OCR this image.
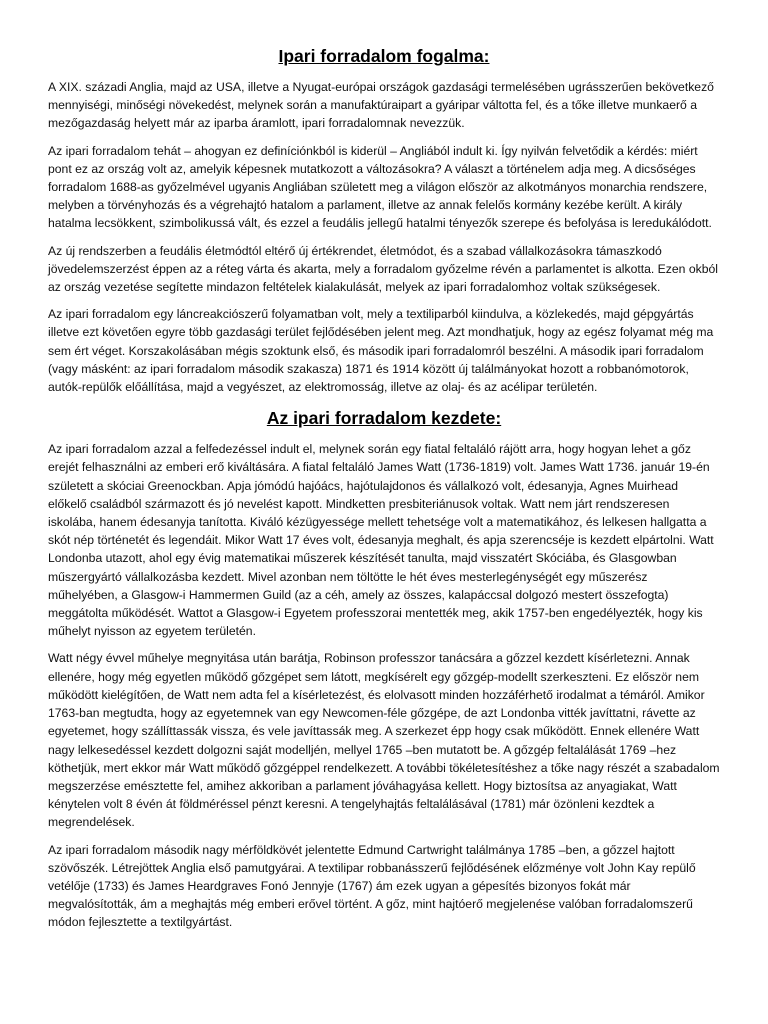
Ipari forradalom fogalma:

A XIX. századi Anglia, majd az USA, illetve a Nyugat-európai országok gazdasági termelésében ugrásszerűen bekövetkező mennyiségi, minőségi növekedést, melynek során a manufaktúraipart a gyáripar váltotta fel, és a tőke illetve munkaerő a mezőgazdaság helyett már az iparba áramlott, ipari forradalomnak nevezzük.

Az ipari forradalom tehát – ahogyan ez definíciónkból is kiderül – Angliából indult ki. Így nyilván felvetődik a kérdés: miért pont ez az ország volt az, amelyik képesnek mutatkozott a változásokra? A választ a történelem adja meg. A dicsőséges forradalom 1688-as győzelmével ugyanis Angliában született meg a világon először az alkotmányos monarchia rendszere, melyben a törvényhozás és a végrehajtó hatalom a parlament, illetve az annak felelős kormány kezébe került. A király hatalma lecsökkent, szimbolikussá vált, és ezzel a feudális jellegű hatalmi tényezők szerepe és befolyása is leredukálódott.

Az új rendszerben a feudális életmódtól eltérő új értékrendet, életmódot, és a szabad vállalkozásokra támaszkodó jövedelemszerzést éppen az a réteg várta és akarta, mely a forradalom győzelme révén a parlamentet is alkotta. Ezen okból az ország vezetése segítette mindazon feltételek kialakulását, melyek az ipari forradalomhoz voltak szükségesek.

Az ipari forradalom egy láncreakciószerű folyamatban volt, mely a textiliparból kiindulva, a közlekedés, majd gépgyártás illetve ezt követően egyre több gazdasági terület fejlődésében jelent meg. Azt mondhatjuk, hogy az egész folyamat még ma sem ért véget. Korszakolásában mégis szoktunk első, és második ipari forradalomról beszélni. A második ipari forradalom (vagy másként: az ipari forradalom második szakasza) 1871 és 1914 között új találmányokat hozott a robbanómotorok, autók-repülők előállítása, majd a vegyészet, az elektromosság, illetve az olaj- és az acélipar területén.

Az ipari forradalom kezdete:

Az ipari forradalom azzal a felfedezéssel indult el, melynek során egy fiatal feltaláló rájött arra, hogy hogyan lehet a gőz erejét felhasználni az emberi erő kiváltására. A fiatal feltaláló James Watt (1736-1819) volt. James Watt 1736. január 19-én született a skóciai Greenockban. Apja jómódú hajóács, hajótulajdonos és vállalkozó volt, édesanyja, Agnes Muirhead előkelő családból származott és jó nevelést kapott. Mindketten presbiteriánusok voltak. Watt nem járt rendszeresen iskolába, hanem édesanyja tanította. Kiváló kézügyessége mellett tehetsége volt a matematikához, és lelkesen hallgatta a skót nép történetét és legendáit. Mikor Watt 17 éves volt, édesanyja meghalt, és apja szerencséje is kezdett elpártolni. Watt Londonba utazott, ahol egy évig matematikai műszerek készítését tanulta, majd visszatért Skóciába, és Glasgowban műszergyártó vállalkozásba kezdett. Mivel azonban nem töltötte le hét éves mesterlegénységét egy műszerész műhelyében, a Glasgow-i Hammermen Guild (az a céh, amely az összes, kalapáccsal dolgozó mestert összefogta) meggátolta működését. Wattot a Glasgow-i Egyetem professzorai mentették meg, akik 1757-ben engedélyezték, hogy kis műhelyt nyisson az egyetem területén.

Watt négy évvel műhelye megnyitása után barátja, Robinson professzor tanácsára a gőzzel kezdett kísérletezni. Annak ellenére, hogy még egyetlen működő gőzgépet sem látott, megkísérelt egy gőzgép-modellt szerkeszteni. Ez először nem működött kielégítően, de Watt nem adta fel a kísérletezést, és elolvasott minden hozzáférhető irodalmat a témáról. Amikor 1763-ban megtudta, hogy az egyetemnek van egy Newcomen-féle gőzgépe, de azt Londonba vitték javíttatni, rávette az egyetemet, hogy szállíttassák vissza, és vele javíttassák meg. A szerkezet épp hogy csak működött. Ennek ellenére Watt nagy lelkesedéssel kezdett dolgozni saját modelljén, mellyel 1765 –ben mutatott be. A gőzgép feltalálását 1769 –hez köthetjük, mert ekkor már Watt működő gőzgéppel rendelkezett. A további tökéletesítéshez a tőke nagy részét a szabadalom megszerzése emésztette fel, amihez akkoriban a parlament jóváhagyása kellett. Hogy biztosítsa az anyagiakat, Watt kénytelen volt 8 évén át földméréssel pénzt keresni. A tengelyhajtás feltalálásával (1781) már özönleni kezdtek a megrendelések.

Az ipari forradalom második nagy mérföldkövét jelentette Edmund Cartwright találmánya 1785 –ben, a gőzzel hajtott szövőszék. Létrejöttek Anglia első pamutgyárai. A textilipar robbanásszerű fejlődésének előzménye volt John Kay repülő vetélője (1733) és James Heardgraves Fonó Jennyje (1767) ám ezek ugyan a gépesítés bizonyos fokát már megvalósították, ám a meghajtás még emberi erővel történt. A gőz, mint hajtóerő megjelenése valóban forradalomszerű módon fejlesztette a textilgyártást.
